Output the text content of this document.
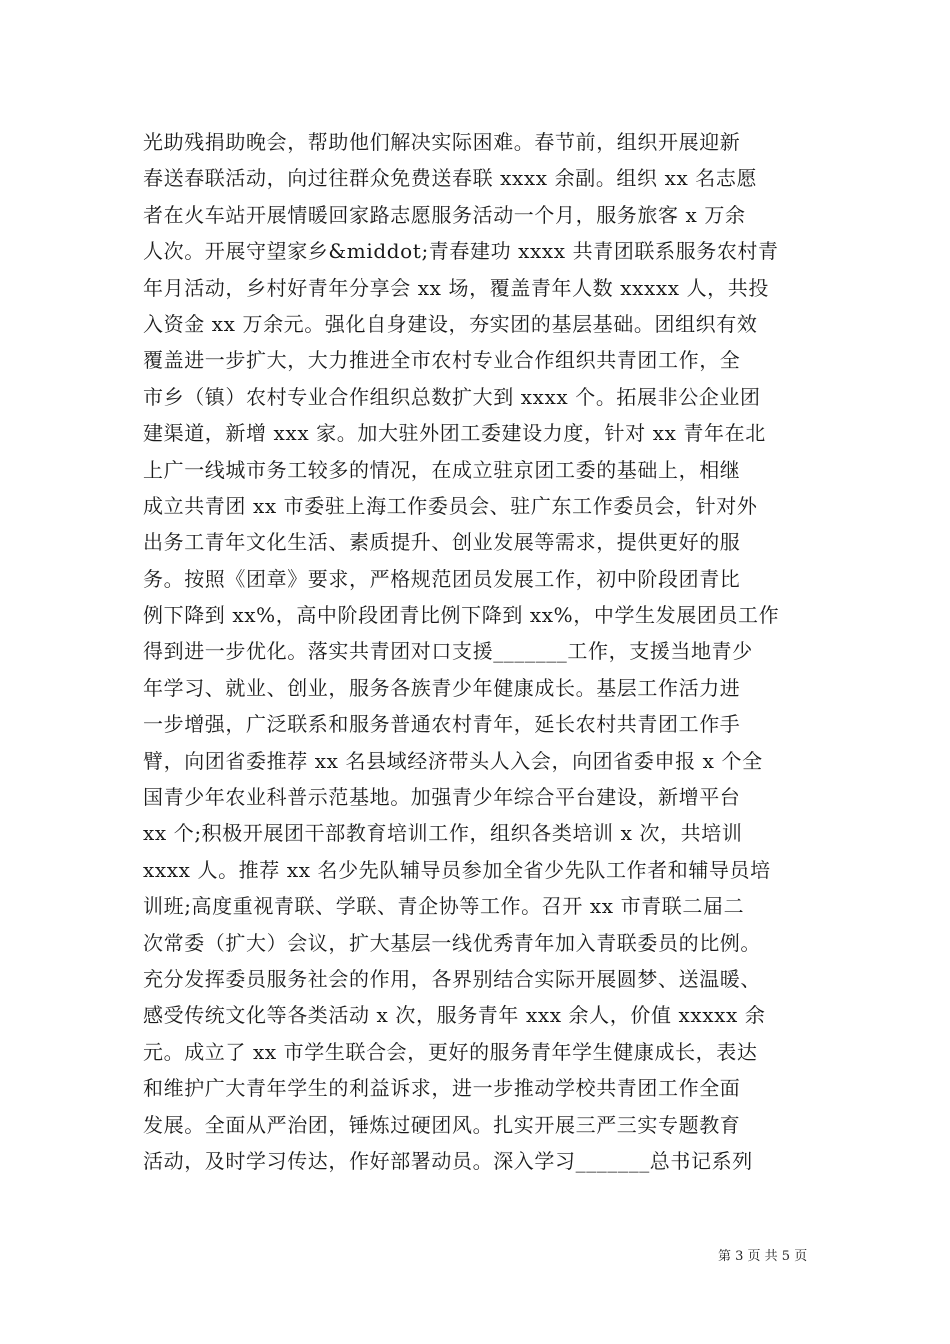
光助残捐助晚会，帮助他们解决实际困难。春节前，组织开展迎新
春送春联活动，向过往群众免费送春联 xxxx 余副。组织 xx 名志愿
者在火车站开展情暖回家路志愿服务活动一个月，服务旅客 x 万余
人次。开展守望家乡&middot;青春建功 xxxx 共青团联系服务农村青
年月活动，乡村好青年分享会 xx 场，覆盖青年人数 xxxxx 人，共投
入资金 xx 万余元。强化自身建设，夯实团的基层基础。团组织有效
覆盖进一步扩大，大力推进全市农村专业合作组织共青团工作，全
市乡（镇）农村专业合作组织总数扩大到 xxxx 个。拓展非公企业团
建渠道，新增 xxx 家。加大驻外团工委建设力度，针对 xx 青年在北
上广一线城市务工较多的情况，在成立驻京团工委的基础上，相继
成立共青团 xx 市委驻上海工作委员会、驻广东工作委员会，针对外
出务工青年文化生活、素质提升、创业发展等需求，提供更好的服
务。按照《团章》要求，严格规范团员发展工作，初中阶段团青比
例下降到 xx%，高中阶段团青比例下降到 xx%，中学生发展团员工作
得到进一步优化。落实共青团对口支援_______工作，支援当地青少
年学习、就业、创业，服务各族青少年健康成长。基层工作活力进
一步增强，广泛联系和服务普通农村青年，延长农村共青团工作手
臂，向团省委推荐 xx 名县域经济带头人入会，向团省委申报 x 个全
国青少年农业科普示范基地。加强青少年综合平台建设，新增平台
xx 个;积极开展团干部教育培训工作，组织各类培训 x 次，共培训
xxxx 人。推荐 xx 名少先队辅导员参加全省少先队工作者和辅导员培
训班;高度重视青联、学联、青企协等工作。召开 xx 市青联二届二
次常委（扩大）会议，扩大基层一线优秀青年加入青联委员的比例。
充分发挥委员服务社会的作用，各界别结合实际开展圆梦、送温暖、
感受传统文化等各类活动 x 次，服务青年 xxx 余人，价值 xxxxx 余
元。成立了 xx 市学生联合会，更好的服务青年学生健康成长，表达
和维护广大青年学生的利益诉求，进一步推动学校共青团工作全面
发展。全面从严治团，锤炼过硬团风。扎实开展三严三实专题教育
活动，及时学习传达，作好部署动员。深入学习_______总书记系列
第 3 页 共 5 页
